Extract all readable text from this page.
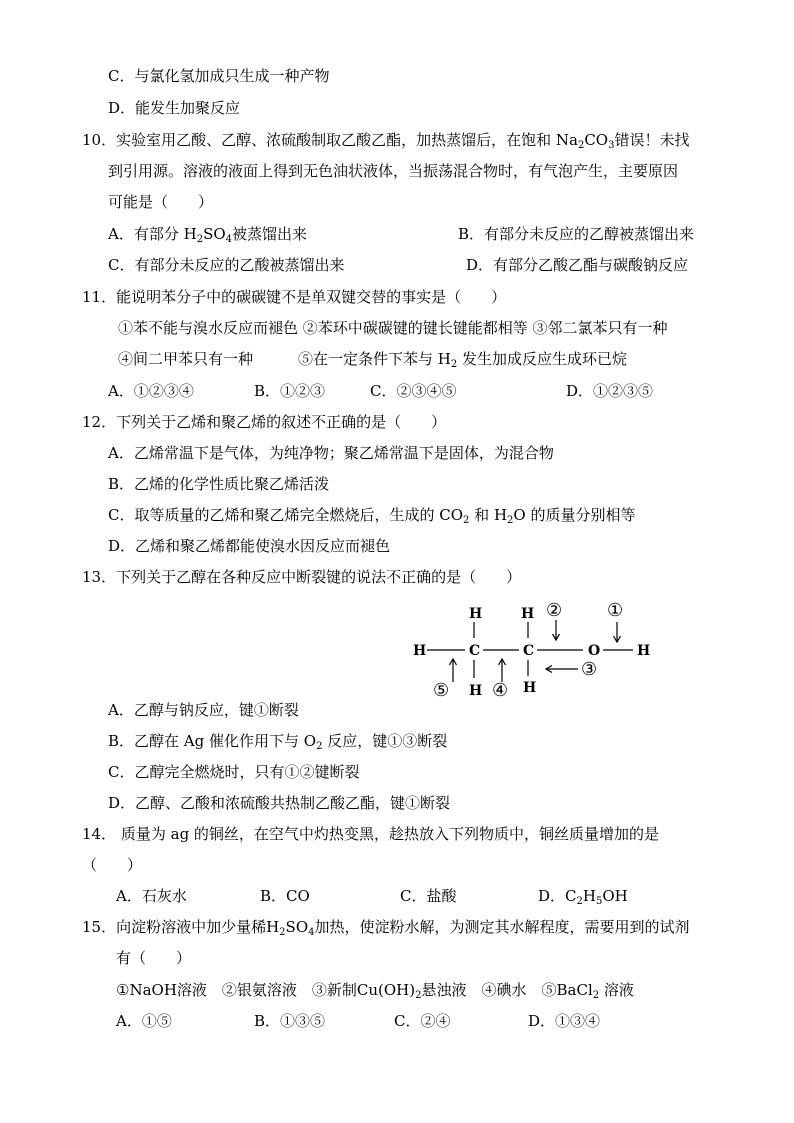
C．与氯化氢加成只生成一种产物
D．能发生加聚反应
10．实验室用乙酸、乙醇、浓硫酸制取乙酸乙酯，加热蒸馏后，在饱和 $Na_2CO_3$错误！未找
到引用源。溶液的液面上得到无色油状液体，当振荡混合物时，有气泡产生，主要原因
可能是（　　）
A．有部分 $H_2SO_4$被蒸馏出来	B．有部分未反应的乙醇被蒸馏出来
C．有部分未反应的乙酸被蒸馏出来	D．有部分乙酸乙酯与碳酸钠反应
11．能说明苯分子中的碳碳键不是单双键交替的事实是（　　）
①苯不能与溴水反应而褪色 ②苯环中碳碳键的键长键能都相等 ③邻二氯苯只有一种
④间二甲苯只有一种　　　⑤在一定条件下苯与 $H_2$ 发生加成反应生成环已烷
A．①②③④	B．①②③	C．②③④⑤	D．①②③⑤
12．下列关于乙烯和聚乙烯的叙述不正确的是（　　）
A．乙烯常温下是气体，为纯净物；聚乙烯常温下是固体，为混合物
B．乙烯的化学性质比聚乙烯活泼
C．取等质量的乙烯和聚乙烯完全燃烧后，生成的 $CO_2$ 和 $H_2O$ 的质量分别相等
D．乙烯和聚乙烯都能使溴水因反应而褪色
13．下列关于乙醇在各种反应中断裂键的说法不正确的是（　　）
H	H
H	C	C	O	H
H	H
② ①
③
⑤ ④
A．乙醇与钠反应，键①断裂
B．乙醇在 Ag 催化作用下与 $O_2$ 反应，键①③断裂
C．乙醇完全燃烧时，只有①②键断裂
D．乙醇、乙酸和浓硫酸共热制乙酸乙酯，键①断裂
14． 质量为 ag 的铜丝，在空气中灼热变黑，趁热放入下列物质中，铜丝质量增加的是
（　　）
A．石灰水	B．CO	C．盐酸	D．$C_2H_5OH$
15．向淀粉溶液中加少量稀$H_2SO_4$加热，使淀粉水解，为测定其水解程度，需要用到的试剂
有（　　）
①NaOH溶液　②银氨溶液　③新制$Cu(OH)_2$悬浊液　④碘水　⑤BaCl$_2$ 溶液
A．①⑤	B．①③⑤	C．②④	D．①③④
